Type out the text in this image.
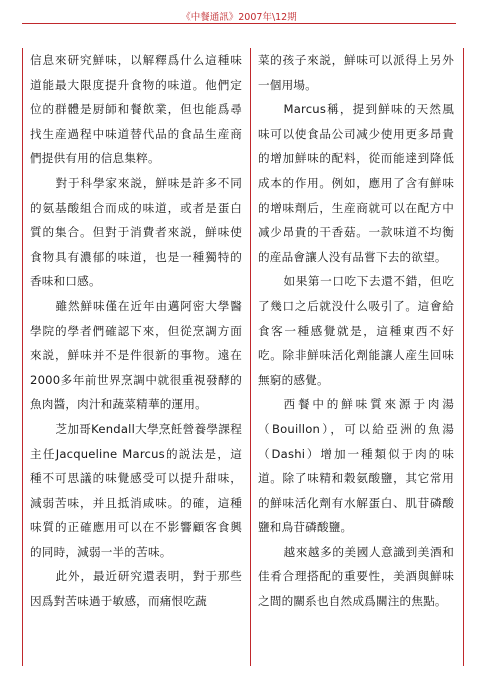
《中餐通訊》2007年\12期

信息來研究鮮味，以解釋爲什么這種味道能最大限度提升食物的味道。他們定位的群體是厨師和餐飲業，但也能爲尋找生産過程中味道替代品的食品生産商們提供有用的信息集粹。

對于科學家來説，鮮味是許多不同的氨基酸組合而成的味道，或者是蛋白質的集合。但對于消費者來説，鮮味使食物具有濃郁的味道，也是一種獨特的香味和口感。

雖然鮮味僅在近年由邁阿密大學醫學院的學者們確認下來，但從烹調方面來説，鮮味并不是件很新的事物。遠在2000多年前世界烹調中就很重視發酵的魚肉醬，肉汁和蔬菜精華的運用。

芝加哥Kendall大學烹飪營養學課程主任Jacqueline Marcus的説法是，這種不可思議的味覺感受可以提升甜味，減弱苦味，并且抵消咸味。的確，這種味質的正確應用可以在不影響顧客食興的同時，減弱一半的苦味。

此外，最近研究還表明，對于那些因爲對苦味過于敏感，而痛恨吃蔬

菜的孩子來説，鮮味可以派得上另外一個用場。

Marcus稱，提到鮮味的天然風味可以使食品公司减少使用更多昂貴的增加鮮味的配料，從而能達到降低成本的作用。例如，應用了含有鮮味的增味劑后，生産商就可以在配方中减少昂貴的干香菇。一款味道不均衡的産品會讓人没有品嘗下去的欲望。

如果第一口吃下去還不錯，但吃了幾口之后就没什么吸引了。這會給食客一種感覺就是，這種東西不好吃。除非鮮味活化劑能讓人産生回味無窮的感覺。

西餐中的鮮味質來源于肉湯（Bouillon），可以給亞洲的魚湯（Dashi）增加一種類似于肉的味道。除了味精和穀氨酸鹽，其它常用的鮮味活化劑有水解蛋白、肌苷磷酸鹽和鳥苷磷酸鹽。

越來越多的美國人意識到美酒和佳肴合理搭配的重要性，美酒與鮮味之間的關系也自然成爲關注的焦點。
